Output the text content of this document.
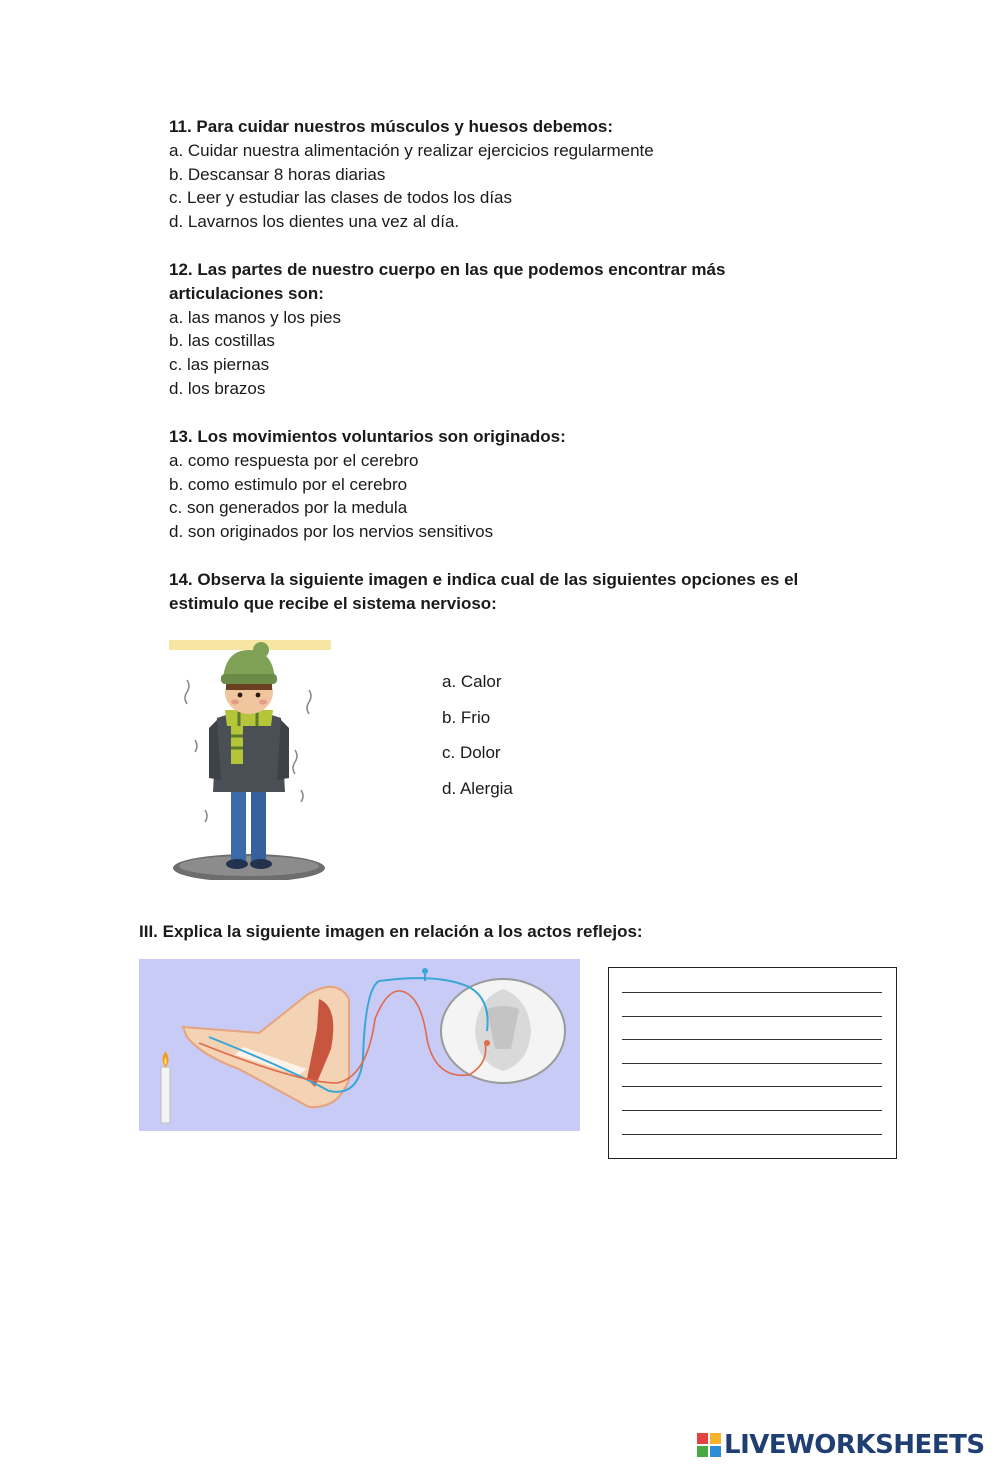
11. Para cuidar nuestros músculos y huesos debemos:
a. Cuidar nuestra alimentación y realizar ejercicios regularmente
b. Descansar 8 horas diarias
c. Leer y estudiar las clases de todos los días
d. Lavarnos los dientes una vez al día.
12. Las partes de nuestro cuerpo en las que podemos encontrar más
articulaciones son:
a. las manos y los pies
b. las costillas
c. las piernas
d. los brazos
13. Los movimientos voluntarios son originados:
a. como respuesta por el cerebro
b. como estimulo por el cerebro
c. son generados por la medula
d. son originados por los nervios sensitivos
14. Observa la siguiente imagen e indica cual de las siguientes opciones es el
estimulo que recibe el sistema nervioso:
a. Calor
b. Frio
c. Dolor
d. Alergia
III. Explica la siguiente imagen en relación a los actos reflejos:
LIVEWORKSHEETS
